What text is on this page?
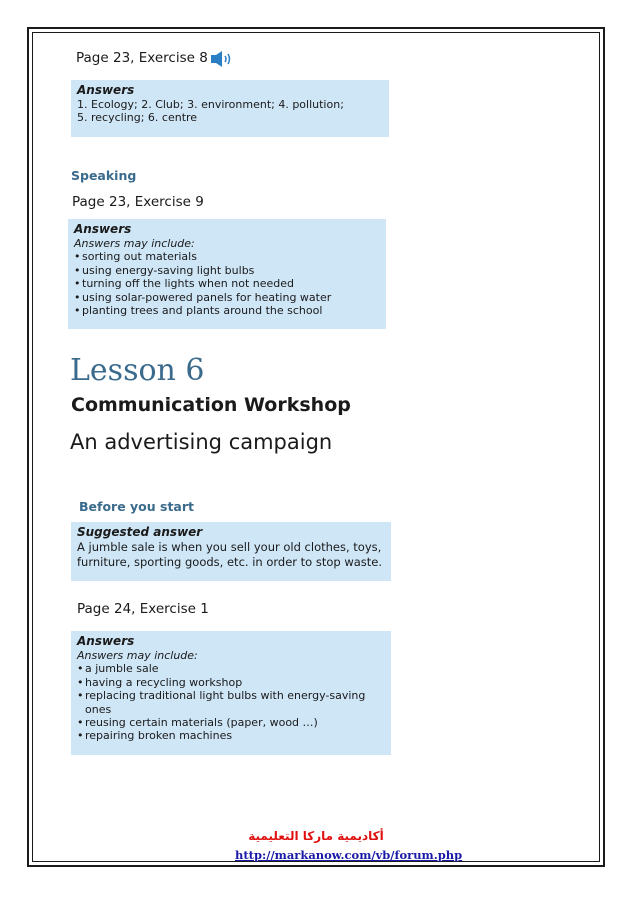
Page 23, Exercise 8
Answers
1. Ecology; 2. Club; 3. environment; 4. pollution;
5. recycling; 6. centre
Speaking
Page 23, Exercise 9
Answers
Answers may include:
• sorting out materials
• using energy-saving light bulbs
• turning off the lights when not needed
• using solar-powered panels for heating water
• planting trees and plants around the school
Lesson 6
Communication Workshop
An advertising campaign
Before you start
Suggested answer
A jumble sale is when you sell your old clothes, toys, furniture, sporting goods, etc. in order to stop waste.
Page 24, Exercise 1
Answers
Answers may include:
• a jumble sale
• having a recycling workshop
• replacing traditional light bulbs with energy-saving ones
• reusing certain materials (paper, wood …)
• repairing broken machines
أكاديمية ماركا التعليمية
http://markanow.com/vb/forum.php
